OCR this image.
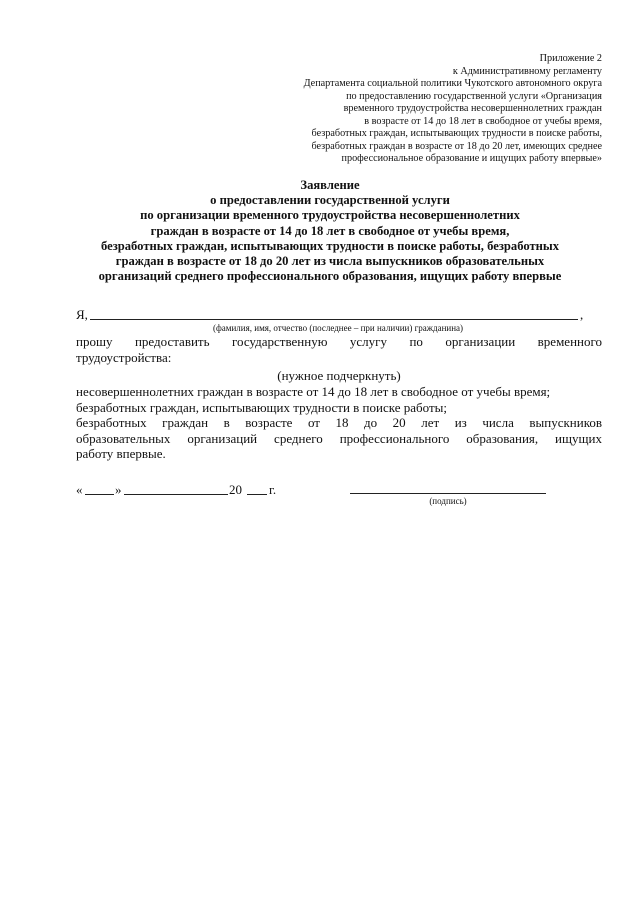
Приложение 2
к Административному регламенту
Департамента социальной политики Чукотского автономного округа
по предоставлению государственной услуги «Организация
временного трудоустройства несовершеннолетних граждан
в возрасте от 14 до 18 лет в свободное от учебы время,
безработных граждан, испытывающих трудности в поиске работы,
безработных граждан в возрасте от 18 до 20 лет, имеющих среднее
профессиональное образование и ищущих работу впервые»
Заявление
о предоставлении государственной услуги
по организации временного трудоустройства несовершеннолетних
граждан в возрасте от 14 до 18 лет в свободное от учебы время,
безработных граждан, испытывающих трудности в поиске работы, безработных
граждан в возрасте от 18 до 20 лет из числа выпускников образовательных
организаций среднего профессионального образования, ищущих работу впервые
Я,	,
(фамилия, имя, отчество (последнее – при наличии) гражданина)
прошу предоставить государственную услугу по организации временного
трудоустройства:
(нужное подчеркнуть)
несовершеннолетних граждан в возрасте от 14 до 18 лет в свободное от учебы время;
безработных граждан, испытывающих трудности в поиске работы;
безработных граждан в возрасте от 18 до 20 лет из числа выпускников
образовательных организаций среднего профессионального образования, ищущих
работу впервые.
«	»	20 г.
(подпись)
